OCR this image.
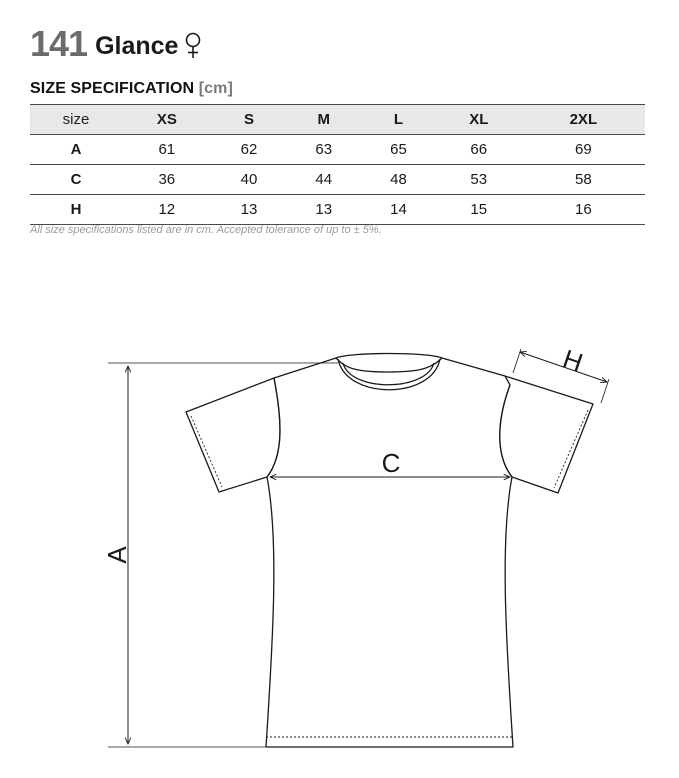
141 Glance
SIZE SPECIFICATION [cm]
size	XS	S	M	L	XL	2XL
A	61	62	63	65	66	69
C	36	40	44	48	53	58
H	12	13	13	14	15	16
All size specifications listed are in cm. Accepted tolerance of up to ± 5%.
A
C
H
